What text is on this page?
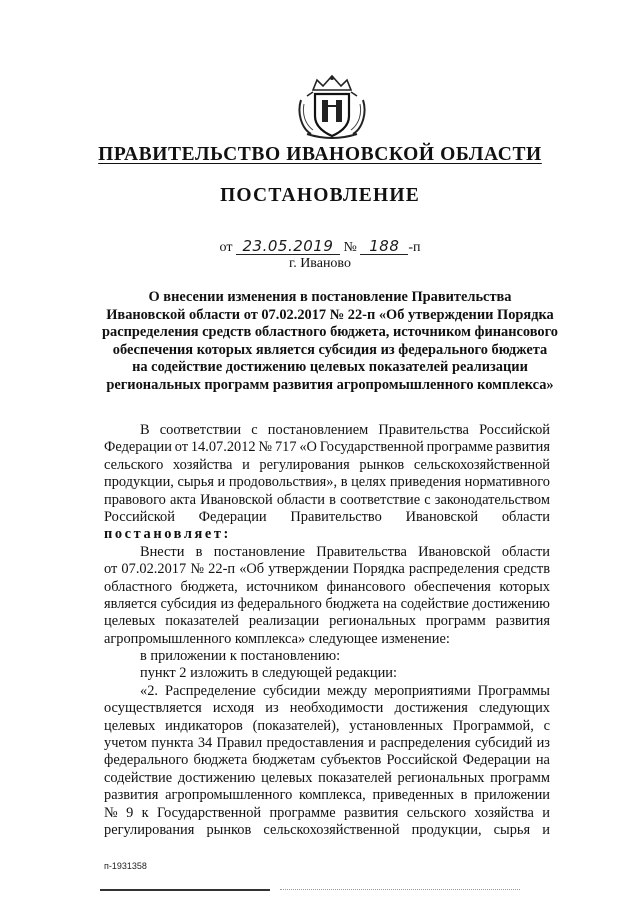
ПРАВИТЕЛЬСТВО ИВАНОВСКОЙ ОБЛАСТИ
ПОСТАНОВЛЕНИЕ
от 23.05.2019 № 188 -п
г. Иваново
О внесении изменения в постановление Правительства
Ивановской области от 07.02.2017 № 22-п «Об утверждении Порядка
распределения средств областного бюджета, источником финансового
обеспечения которых является субсидия из федерального бюджета
на содействие достижению целевых показателей реализации
региональных программ развития агропромышленного комплекса»
В соответствии с постановлением Правительства Российской
Федерации от 14.07.2012 № 717 «О Государственной программе развития
сельского хозяйства и регулирования рынков сельскохозяйственной
продукции, сырья и продовольствия», в целях приведения нормативного
правового акта Ивановской области в соответствие с законодательством
Российской Федерации Правительство Ивановской области
постановляет:
Внести в постановление Правительства Ивановской области
от 07.02.2017 № 22-п «Об утверждении Порядка распределения средств
областного бюджета, источником финансового обеспечения которых
является субсидия из федерального бюджета на содействие достижению
целевых показателей реализации региональных программ развития
агропромышленного комплекса» следующее изменение:
в приложении к постановлению:
пункт 2 изложить в следующей редакции:
«2. Распределение субсидии между мероприятиями Программы
осуществляется исходя из необходимости достижения следующих
целевых индикаторов (показателей), установленных Программой, с
учетом пункта 34 Правил предоставления и распределения субсидий из
федерального бюджета бюджетам субъектов Российской Федерации на
содействие достижению целевых показателей региональных программ
развития агропромышленного комплекса, приведенных в приложении
№ 9 к Государственной программе развития сельского хозяйства и
регулирования рынков сельскохозяйственной продукции, сырья и
п-1931358
